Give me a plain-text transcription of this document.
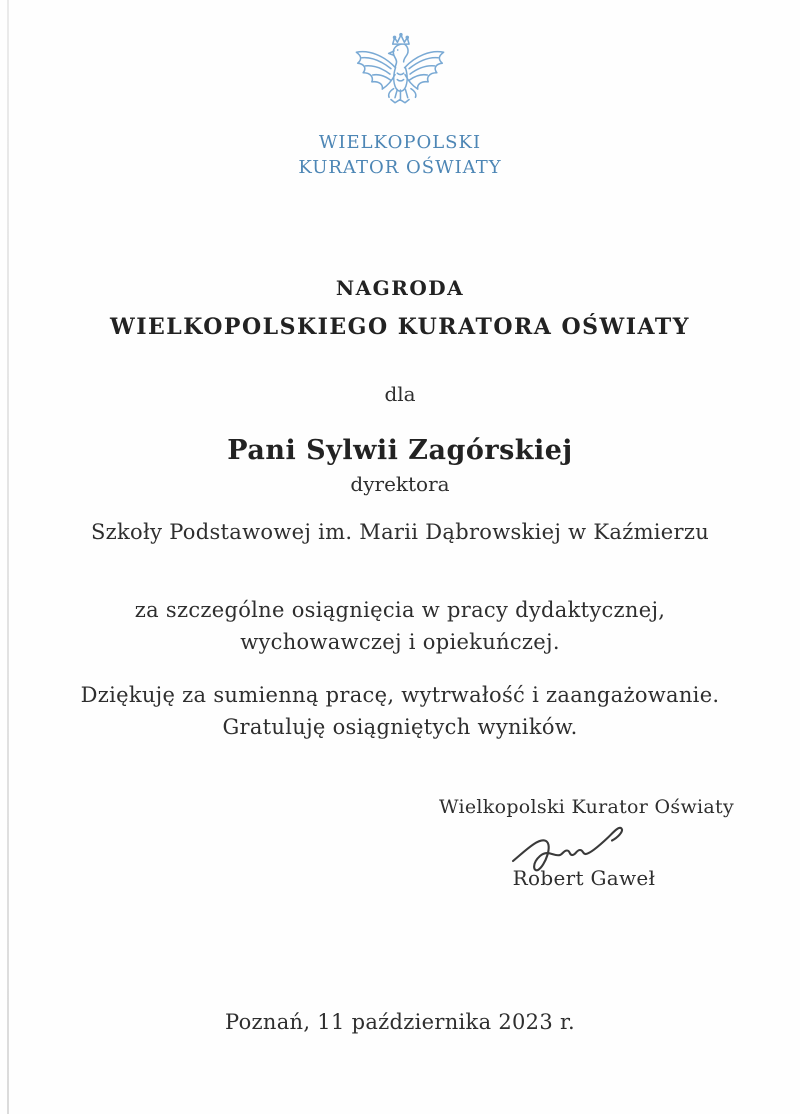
WIELKOPOLSKI
KURATOR OŚWIATY
NAGRODA
WIELKOPOLSKIEGO KURATORA OŚWIATY
dla
Pani Sylwii Zagórskiej
dyrektora
Szkoły Podstawowej im. Marii Dąbrowskiej w Kaźmierzu
za szczególne osiągnięcia w pracy dydaktycznej,
wychowawczej i opiekuńczej.
Dziękuję za sumienną pracę, wytrwałość i zaangażowanie.
Gratuluję osiągniętych wyników.
Wielkopolski Kurator Oświaty
Robert Gaweł
Poznań, 11 października 2023 r.
